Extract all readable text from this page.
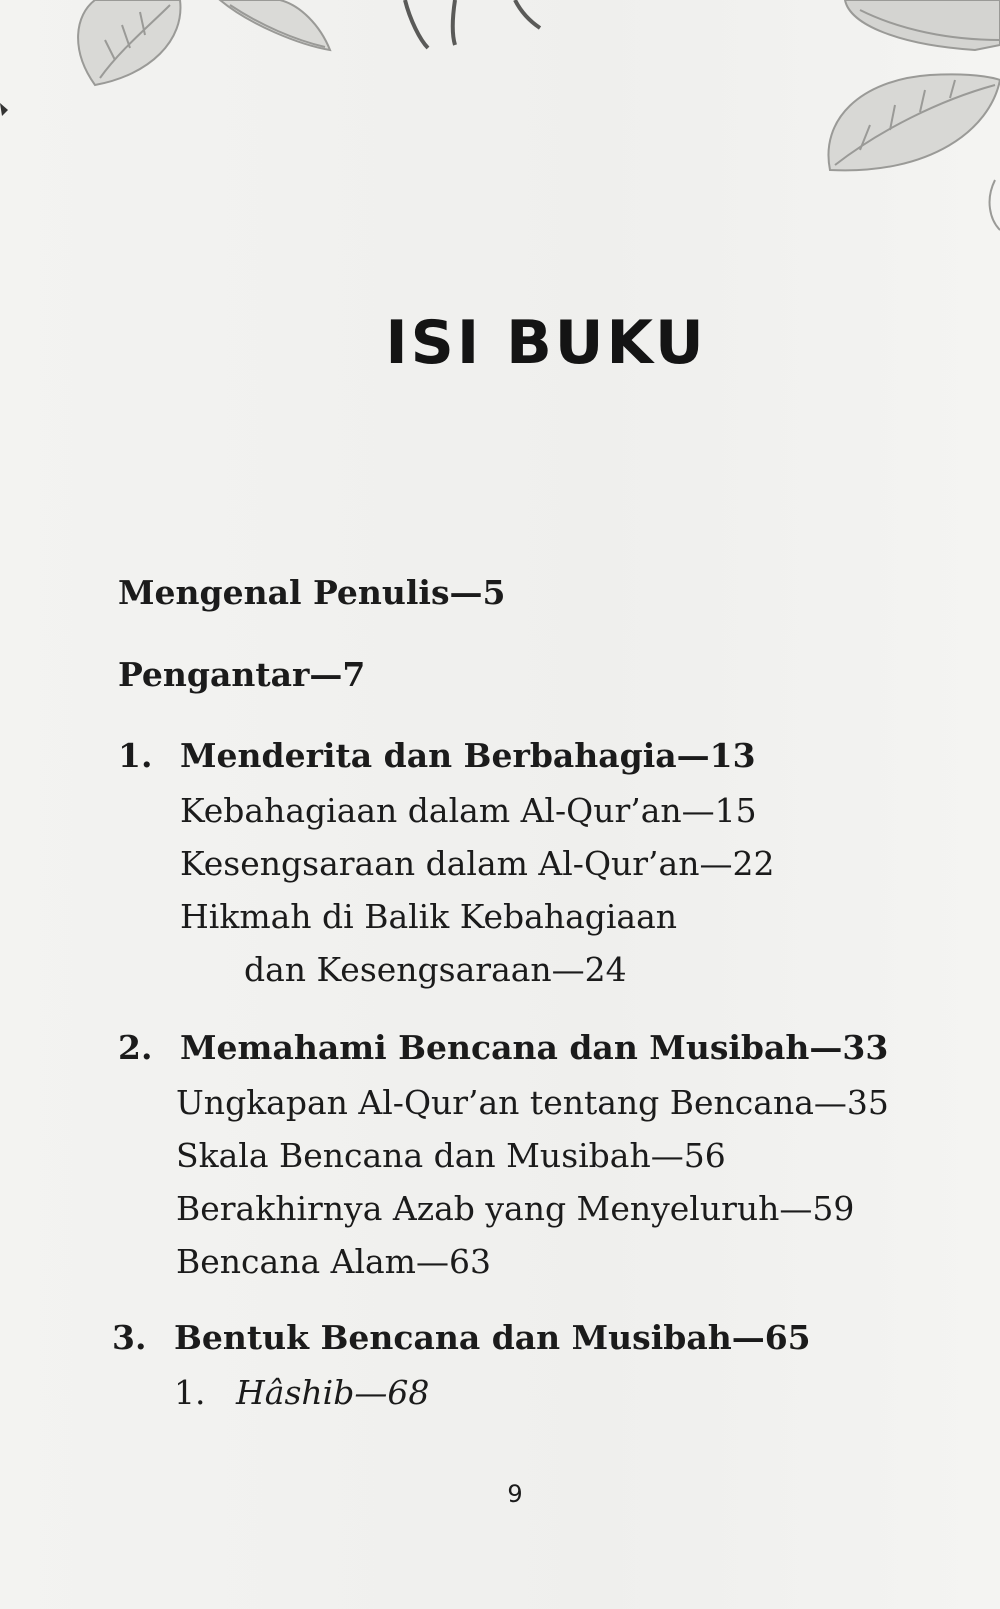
ISI BUKU
Mengenal Penulis—5
Pengantar—7
1. Menderita dan Berbahagia—13
Kebahagiaan dalam Al-Qur’an—15
Kesengsaraan dalam Al-Qur’an—22
Hikmah di Balik Kebahagiaan
dan Kesengsaraan—24
2. Memahami Bencana dan Musibah—33
Ungkapan Al-Qur’an tentang Bencana—35
Skala Bencana dan Musibah—56
Berakhirnya Azab yang Menyeluruh—59
Bencana Alam—63
3. Bentuk Bencana dan Musibah—65
1. Hâshib—68
9
